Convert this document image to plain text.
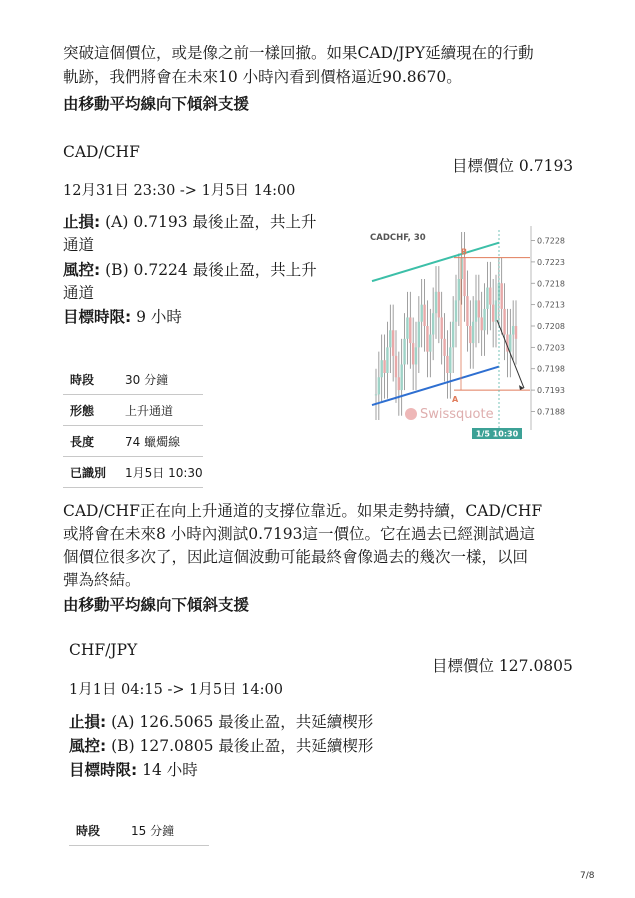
突破這個價位，或是像之前一樣回撤。如果CAD/JPY延續現在的行動
軌跡，我們將會在未來10 小時內看到價格逼近90.8670。
由移動平均線向下傾斜支援
CAD/CHF
目標價位 0.7193
12月31日 23:30 -> 1月5日 14:00
止損: (A) 0.7193 最後止盈，共上升
通道
風控: (B) 0.7224 最後止盈，共上升
通道
目標時限: 9 小時
時段	30 分鐘
形態	上升通道
長度	74 蠟燭線
已識別	1月5日 10:30
CADCHF, 30	0.7228
0.7223
0.7218
0.7213
0.7208
0.7203
0.7198
0.7193
0.7188
B
A
1/5 10:30
Swissquote
CAD/CHF正在向上升通道的支撐位靠近。如果走勢持續，CAD/CHF
或將會在未來8 小時內測試0.7193這一價位。它在過去已經測試過這
個價位很多次了，因此這個波動可能最終會像過去的幾次一樣，以回
彈為終結。
由移動平均線向下傾斜支援
CHF/JPY
目標價位 127.0805
1月1日 04:15 -> 1月5日 14:00
止損: (A) 126.5065 最後止盈，共延續楔形
風控: (B) 127.0805 最後止盈，共延續楔形
目標時限: 14 小時
時段	15 分鐘
7/8
